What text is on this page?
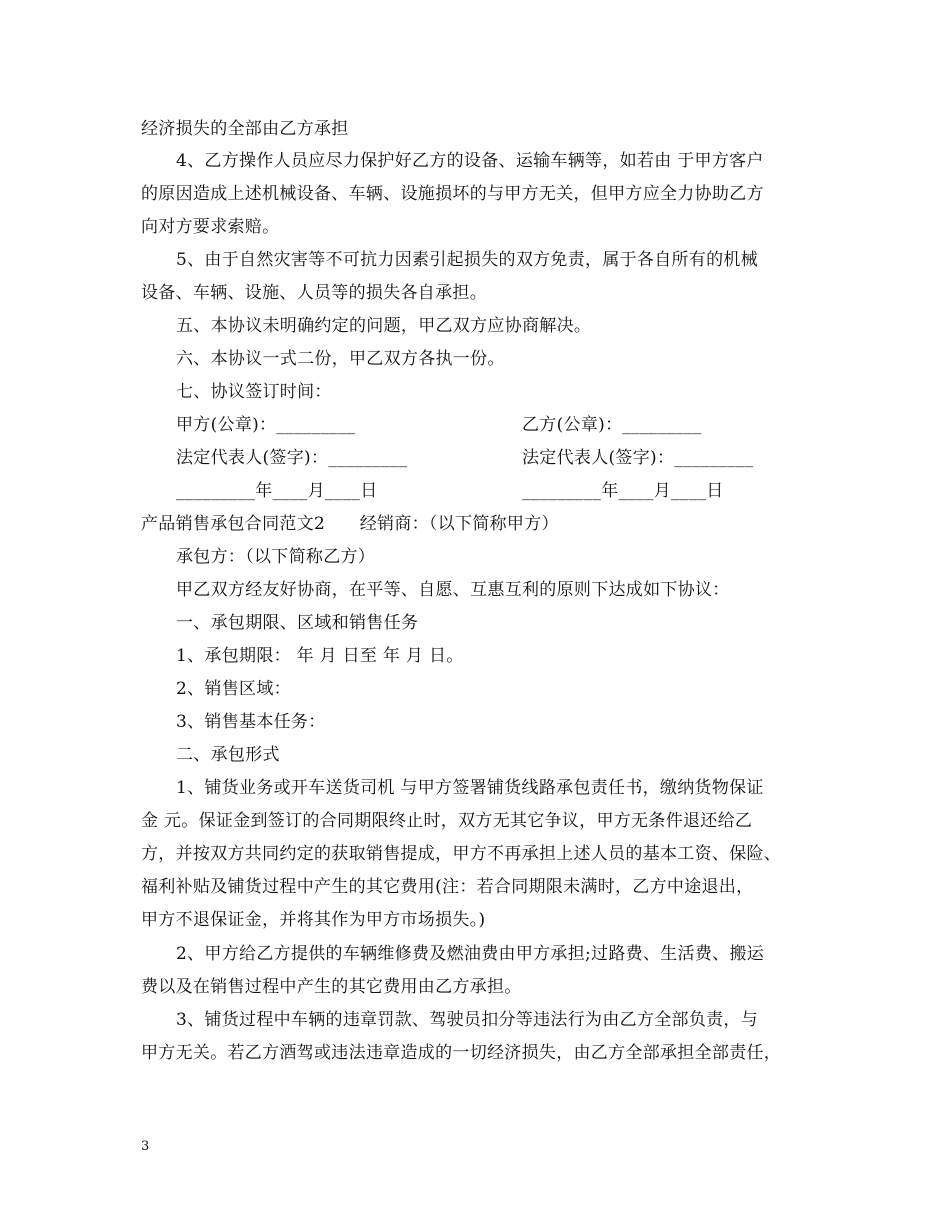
经济损失的全部由乙方承担
4、乙方操作人员应尽力保护好乙方的设备、运输车辆等，如若由 于甲方客户
的原因造成上述机械设备、车辆、设施损坏的与甲方无关，但甲方应全力协助乙方
向对方要求索赔。
5、由于自然灾害等不可抗力因素引起损失的双方免责，属于各自所有的机械
设备、车辆、设施、人员等的损失各自承担。
五、本协议未明确约定的问题，甲乙双方应协商解决。
六、本协议一式二份，甲乙双方各执一份。
七、协议签订时间：
甲方(公章)：_________	乙方(公章)：_________
法定代表人(签字)：_________	法定代表人(签字)：_________
_________年____月____日	_________年____月____日
产品销售承包合同范文2　　经销商：（以下简称甲方）
承包方：（以下简称乙方）
甲乙双方经友好协商，在平等、自愿、互惠互利的原则下达成如下协议：
一、承包期限、区域和销售任务
1、承包期限： 年 月 日至 年 月 日。
2、销售区域：
3、销售基本任务：
二、承包形式
1、铺货业务或开车送货司机 与甲方签署铺货线路承包责任书，缴纳货物保证
金 元。保证金到签订的合同期限终止时，双方无其它争议，甲方无条件退还给乙
方，并按双方共同约定的获取销售提成，甲方不再承担上述人员的基本工资、保险、
福利补贴及铺货过程中产生的其它费用(注：若合同期限未满时，乙方中途退出，
甲方不退保证金，并将其作为甲方市场损失。)
2、甲方给乙方提供的车辆维修费及燃油费由甲方承担;过路费、生活费、搬运
费以及在销售过程中产生的其它费用由乙方承担。
3、铺货过程中车辆的违章罚款、驾驶员扣分等违法行为由乙方全部负责，与
甲方无关。若乙方酒驾或违法违章造成的一切经济损失，由乙方全部承担全部责任，
3
